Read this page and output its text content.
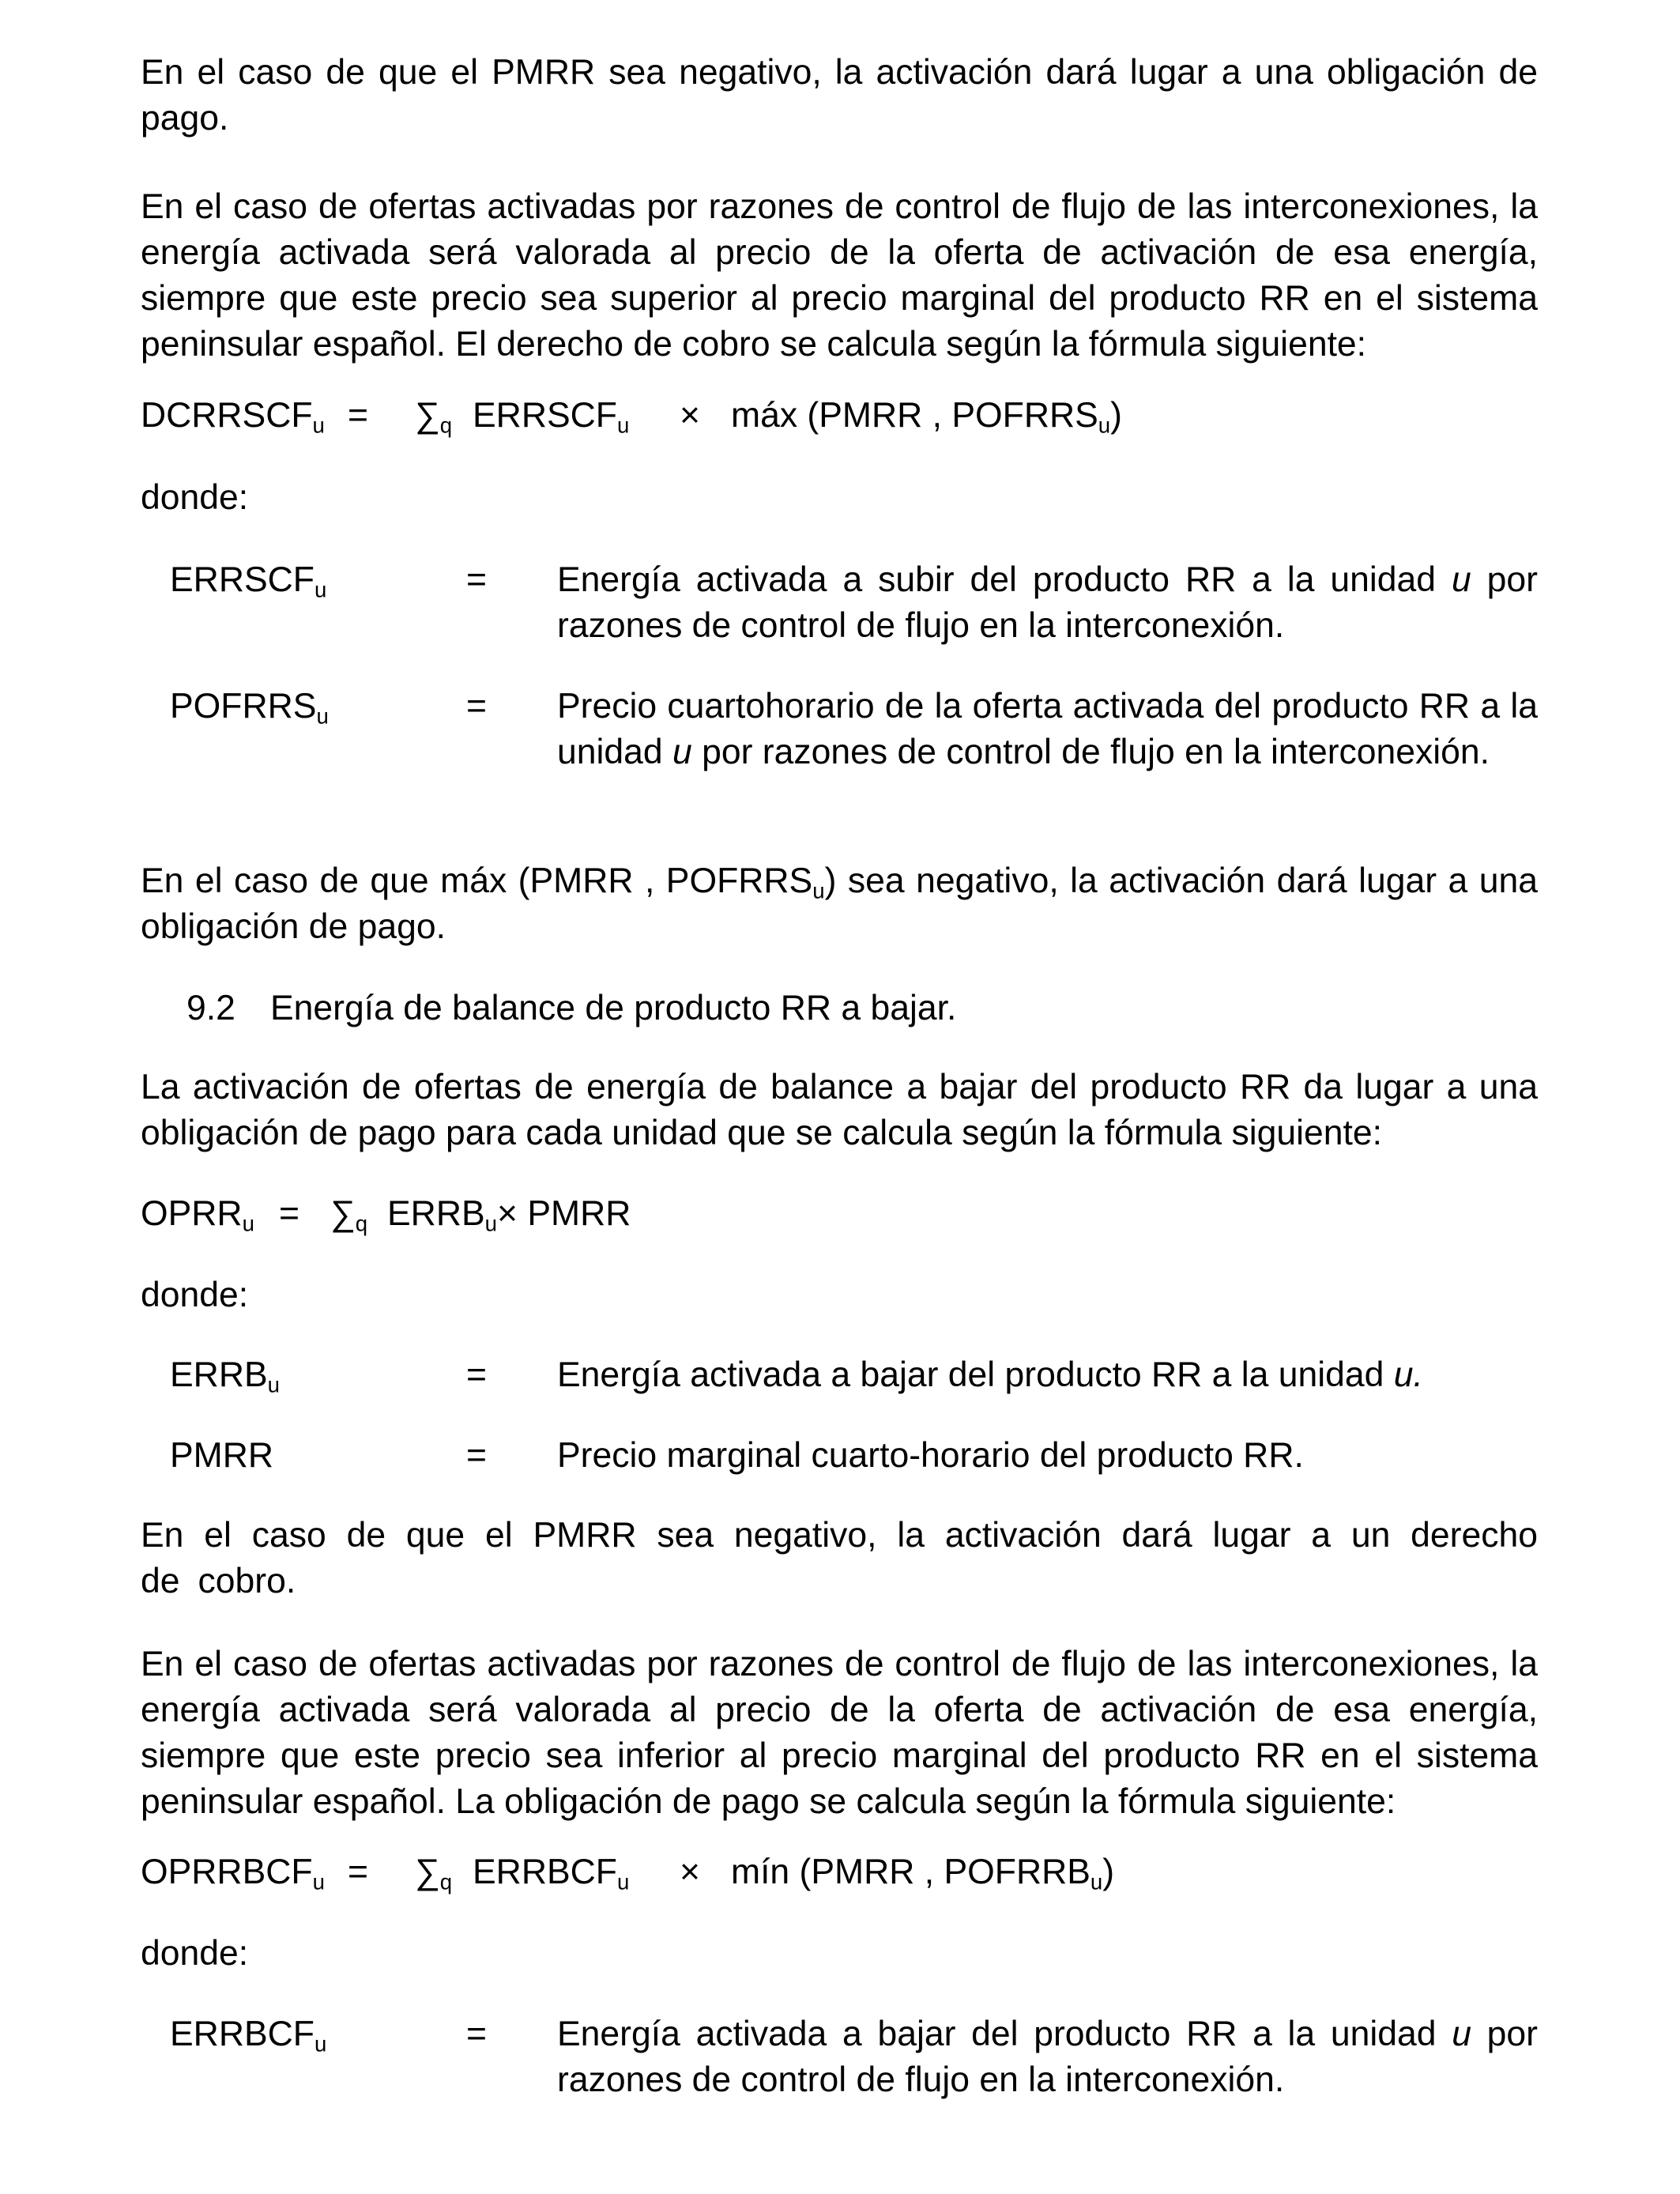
En el caso de que el PMRR sea negativo, la activación dará lugar a una obligación de pago.

En el caso de ofertas activadas por razones de control de flujo de las interconexiones, la energía activada será valorada al precio de la oferta de activación de esa energía, siempre que este precio sea superior al precio marginal del producto RR en el sistema peninsular español. El derecho de cobro se calcula según la fórmula siguiente:

$DCRRSCF_u = \sum_q$ $ERRSCF_u$ × máx (PMRR , $POFRRS_u$)

donde:

$ERRSCF_u$	= Energía activada a subir del producto RR a la unidad u por razones de control de flujo en la interconexión.
$POFRRS_u$	= Precio cuartohorario de la oferta activada del producto RR a la unidad u por razones de control de flujo en la interconexión.

En el caso de que máx (PMRR , $POFRRS_u$) sea negativo, la activación dará lugar a una obligación de pago.

9.2 Energía de balance de producto RR a bajar.

La activación de ofertas de energía de balance a bajar del producto RR da lugar a una obligación de pago para cada unidad que se calcula según la fórmula siguiente:

$OPRR_u = \sum_q$ $ERRB_u\times$ PMRR

donde:

$ERRB_u$	= Energía activada a bajar del producto RR a la unidad u.
PMRR	= Precio marginal cuarto-horario del producto RR.

En el caso de que el PMRR sea negativo, la activación dará lugar a un derecho de cobro.

En el caso de ofertas activadas por razones de control de flujo de las interconexiones, la energía activada será valorada al precio de la oferta de activación de esa energía, siempre que este precio sea inferior al precio marginal del producto RR en el sistema peninsular español. La obligación de pago se calcula según la fórmula siguiente:

$OPRRBCF_u = \sum_q$ $ERRBCF_u$ × mín (PMRR , $POFRRB_u$)

donde:

$ERRBCF_u$	= Energía activada a bajar del producto RR a la unidad u por razones de control de flujo en la interconexión.
